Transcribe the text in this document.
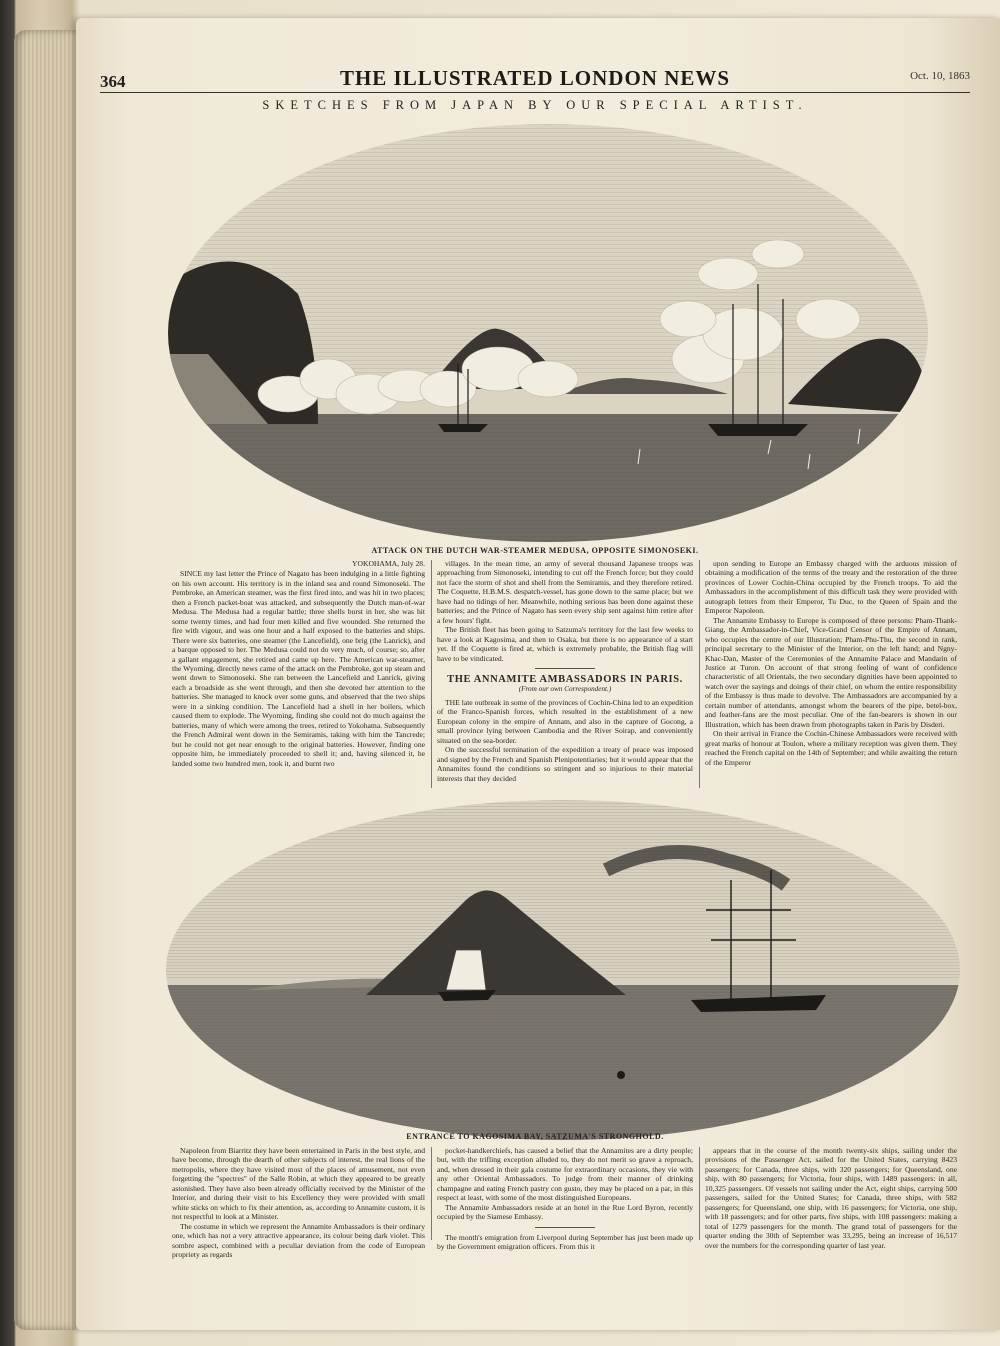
364	THE ILLUSTRATED LONDON NEWS	Oct. 10, 1863
SKETCHES FROM JAPAN BY OUR SPECIAL ARTIST.
ATTACK ON THE DUTCH WAR-STEAMER MEDUSA, OPPOSITE SIMONOSEKI.
YOKOHAMA, July 28.

SINCE my last letter the Prince of Nagato has been indulging in a little fighting on his own account. His territory is in the inland sea and round Simonoseki. The Pembroke, an American steamer, was the first fired into, and was hit in two places; then a French packet-boat was attacked, and subsequently the Dutch man-of-war Medusa. The Medusa had a regular battle; three shells burst in her, she was hit some twenty times, and had four men killed and five wounded. She returned the fire with vigour, and was one hour and a half exposed to the batteries and ships. There were six batteries, one steamer (the Lancefield), one brig (the Lanrick), and a barque opposed to her. The Medusa could not do very much, of course; so, after a gallant engagement, she retired and came up here. The American war-steamer, the Wyoming, directly news came of the attack on the Pembroke, got up steam and went down to Simonoseki. She ran between the Lancefield and Lanrick, giving each a broadside as she went through, and then she devoted her attention to the batteries. She managed to knock over some guns, and observed that the two ships were in a sinking condition. The Lancefield had a shell in her boilers, which caused them to explode. The Wyoming, finding she could not do much against the batteries, many of which were among the trees, retired to Yokohama. Subsequently the French Admiral went down in the Semiramis, taking with him the Tancrede; but he could not get near enough to the original batteries. However, finding one opposite him, he immediately proceeded to shell it; and, having silenced it, he landed some two hundred men, took it, and burnt two

villages. In the mean time, an army of several thousand Japanese troops was approaching from Simonoseki, intending to cut off the French force; but they could not face the storm of shot and shell from the Semiramis, and they therefore retired. The Coquette, H.B.M.S. despatch-vessel, has gone down to the same place; but we have had no tidings of her. Meanwhile, nothing serious has been done against these batteries; and the Prince of Nagato has seen every ship sent against him retire after a few hours' fight.

The British fleet has been going to Satzuma's territory for the last few weeks to have a look at Kagosima, and then to Osaka, but there is no appearance of a start yet. If the Coquette is fired at, which is extremely probable, the British flag will have to be vindicated.

THE ANNAMITE AMBASSADORS IN PARIS.
(From our own Correspondent.)

THE late outbreak in some of the provinces of Cochin-China led to an expedition of the Franco-Spanish forces, which resulted in the establishment of a new European colony in the empire of Annam, and also in the capture of Gocong, a small province lying between Cambodia and the River Soirap, and conveniently situated on the sea-border.

On the successful termination of the expedition a treaty of peace was imposed and signed by the French and Spanish Plenipotentiaries; but it would appear that the Annamites found the conditions so stringent and so injurious to their material interests that they decided

upon sending to Europe an Embassy charged with the arduous mission of obtaining a modification of the terms of the treaty and the restoration of the three provinces of Lower Cochin-China occupied by the French troops. To aid the Ambassadors in the accomplishment of this difficult task they were provided with autograph letters from their Emperor, Tu Duc, to the Queen of Spain and the Emperor Napoleon.

The Annamite Embassy to Europe is composed of three persons: Pham-Thank-Giang, the Ambassador-in-Chief, Vice-Grand Censor of the Empire of Annam, who occupies the centre of our Illustration; Pham-Phu-Thu, the second in rank, principal secretary to the Minister of the Interior, on the left hand; and Ngny-Khac-Dan, Master of the Ceremonies of the Annamite Palace and Mandarin of Justice at Turon. On account of that strong feeling of want of confidence characteristic of all Orientals, the two secondary dignities have been appointed to watch over the sayings and doings of their chief, on whom the entire responsibility of the Embassy is thus made to devolve. The Ambassadors are accompanied by a certain number of attendants, amongst whom the bearers of the pipe, betel-box, and feather-fans are the most peculiar. One of the fan-bearers is shown in our Illustration, which has been drawn from photographs taken in Paris by Disderi.

On their arrival in France the Cochin-Chinese Ambassadors were received with great marks of honour at Toulon, where a military reception was given them. They reached the French capital on the 14th of September; and while awaiting the return of the Emperor

ENTRANCE TO KAGOSIMA BAY, SATZUMA'S STRONGHOLD.

Napoleon from Biarritz they have been entertained in Paris in the best style, and have become, through the dearth of other subjects of interest, the real lions of the metropolis, where they have visited most of the places of amusement, not even forgetting the "spectres" of the Salle Robin, at which they appeared to be greatly astonished. They have also been already officially received by the Minister of the Interior, and during their visit to his Excellency they were provided with small white sticks on which to fix their attention, as, according to Annamite custom, it is not respectful to look at a Minister.

The costume in which we represent the Annamite Ambassadors is their ordinary one, which has not a very attractive appearance, its colour being dark violet. This sombre aspect, combined with a peculiar deviation from the code of European propriety as regards

pocket-handkerchiefs, has caused a belief that the Annamites are a dirty people; but, with the trifling exception alluded to, they do not merit so grave a reproach, and, when dressed in their gala costume for extraordinary occasions, they vie with any other Oriental Ambassadors. To judge from their manner of drinking champagne and eating French pastry con gusto, they may be placed on a par, in this respect at least, with some of the most distinguished Europeans.

The Annamite Ambassadors reside at an hotel in the Rue Lord Byron, recently occupied by the Siamese Embassy.

The month's emigration from Liverpool during September has just been made up by the Government emigration officers. From this it

appears that in the course of the month twenty-six ships, sailing under the provisions of the Passenger Act, sailed for the United States, carrying 8423 passengers; for Canada, three ships, with 320 passengers; for Queensland, one ship, with 80 passengers; for Victoria, four ships, with 1489 passengers: in all, 10,325 passengers. Of vessels not sailing under the Act, eight ships, carrying 500 passengers, sailed for the United States; for Canada, three ships, with 582 passengers; for Queensland, one ship, with 16 passengers; for Victoria, one ship, with 18 passengers; and for other parts, five ships, with 108 passengers: making a total of 1279 passengers for the month. The grand total of passengers for the quarter ending the 30th of September was 33,295, being an increase of 16,517 over the numbers for the corresponding quarter of last year.
